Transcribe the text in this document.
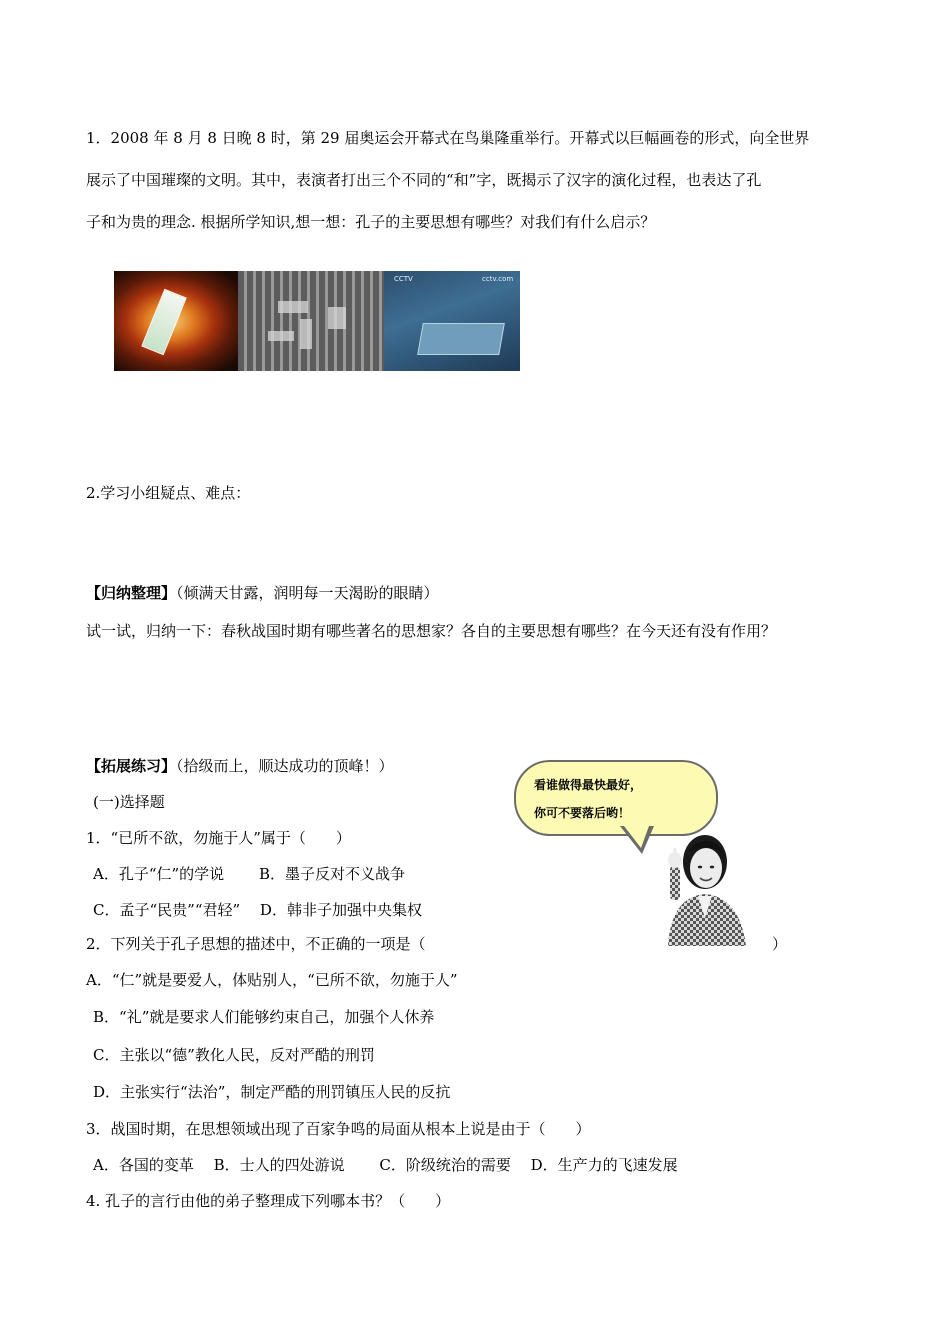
1．2008 年 8 月 8 日晚 8 时，第 29 届奥运会开幕式在鸟巢隆重举行。开幕式以巨幅画卷的形式，向全世界
展示了中国璀璨的文明。其中，表演者打出三个不同的“和”字，既揭示了汉字的演化过程，也表达了孔
子和为贵的理念. 根据所学知识,想一想：孔子的主要思想有哪些？对我们有什么启示？
CCTV	cctv.com
2.学习小组疑点、难点：
【归纳整理】（倾满天甘露，润明每一天渴盼的眼睛）
试一试，归纳一下：春秋战国时期有哪些著名的思想家？各自的主要思想有哪些？在今天还有没有作用？
【拓展练习】（拾级而上，顺达成功的顶峰！）
(一)选择题
1．“已所不欲，勿施于人”属于（　　）
A．孔子“仁”的学说　　 B．墨子反对不义战争
C．孟子“民贵”“君轻”　 D．韩非子加强中央集权
2．下列关于孔子思想的描述中，不正确的一项是（	）
A．“仁”就是要爱人，体贴别人，“已所不欲，勿施于人”
B．“礼”就是要求人们能够约束自己，加强个人休养
C．主张以“德”教化人民，反对严酷的刑罚
D．主张实行“法治”，制定严酷的刑罚镇压人民的反抗
3．战国时期，在思想领域出现了百家争鸣的局面从根本上说是由于（　　）
A．各国的变革　 B．士人的四处游说　　 C．阶级统治的需要　 D．生产力的飞速发展
4. 孔子的言行由他的弟子整理成下列哪本书？（　　）
看谁做得最快最好，
你可不要落后哟！
